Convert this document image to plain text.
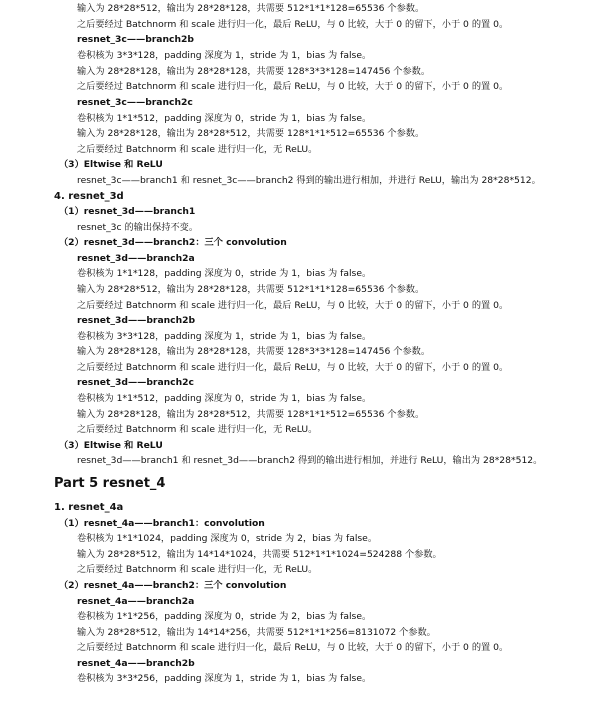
输入为 28*28*512，输出为 28*28*128，共需要 512*1*1*128=65536 个参数。
之后要经过 Batchnorm 和 scale 进行归一化，最后 ReLU，与 0 比较，大于 0 的留下，小于 0 的置 0。
resnet_3c——branch2b
卷积核为 3*3*128，padding 深度为 1，stride 为 1，bias 为 false。
输入为 28*28*128，输出为 28*28*128，共需要 128*3*3*128=147456 个参数。
之后要经过 Batchnorm 和 scale 进行归一化，最后 ReLU，与 0 比较，大于 0 的留下，小于 0 的置 0。
resnet_3c——branch2c
卷积核为 1*1*512，padding 深度为 0，stride 为 1，bias 为 false。
输入为 28*28*128，输出为 28*28*512，共需要 128*1*1*512=65536 个参数。
之后要经过 Batchnorm 和 scale 进行归一化，无 ReLU。
（3）Eltwise 和 ReLU
resnet_3c——branch1 和 resnet_3c——branch2 得到的输出进行相加，并进行 ReLU，输出为 28*28*512。
4. resnet_3d
（1）resnet_3d——branch1
resnet_3c 的输出保持不变。
（2）resnet_3d——branch2：三个 convolution
resnet_3d——branch2a
卷积核为 1*1*128，padding 深度为 0，stride 为 1，bias 为 false。
输入为 28*28*512，输出为 28*28*128，共需要 512*1*1*128=65536 个参数。
之后要经过 Batchnorm 和 scale 进行归一化，最后 ReLU，与 0 比较，大于 0 的留下，小于 0 的置 0。
resnet_3d——branch2b
卷积核为 3*3*128，padding 深度为 1，stride 为 1，bias 为 false。
输入为 28*28*128，输出为 28*28*128，共需要 128*3*3*128=147456 个参数。
之后要经过 Batchnorm 和 scale 进行归一化，最后 ReLU，与 0 比较，大于 0 的留下，小于 0 的置 0。
resnet_3d——branch2c
卷积核为 1*1*512，padding 深度为 0，stride 为 1，bias 为 false。
输入为 28*28*128，输出为 28*28*512，共需要 128*1*1*512=65536 个参数。
之后要经过 Batchnorm 和 scale 进行归一化，无 ReLU。
（3）Eltwise 和 ReLU
resnet_3d——branch1 和 resnet_3d——branch2 得到的输出进行相加，并进行 ReLU，输出为 28*28*512。
Part 5 resnet_4
1. resnet_4a
（1）resnet_4a——branch1：convolution
卷积核为 1*1*1024，padding 深度为 0，stride 为 2，bias 为 false。
输入为 28*28*512，输出为 14*14*1024，共需要 512*1*1*1024=524288 个参数。
之后要经过 Batchnorm 和 scale 进行归一化，无 ReLU。
（2）resnet_4a——branch2：三个 convolution
resnet_4a——branch2a
卷积核为 1*1*256，padding 深度为 0，stride 为 2，bias 为 false。
输入为 28*28*512，输出为 14*14*256，共需要 512*1*1*256=8131072 个参数。
之后要经过 Batchnorm 和 scale 进行归一化，最后 ReLU，与 0 比较，大于 0 的留下，小于 0 的置 0。
resnet_4a——branch2b
卷积核为 3*3*256，padding 深度为 1，stride 为 1，bias 为 false。
